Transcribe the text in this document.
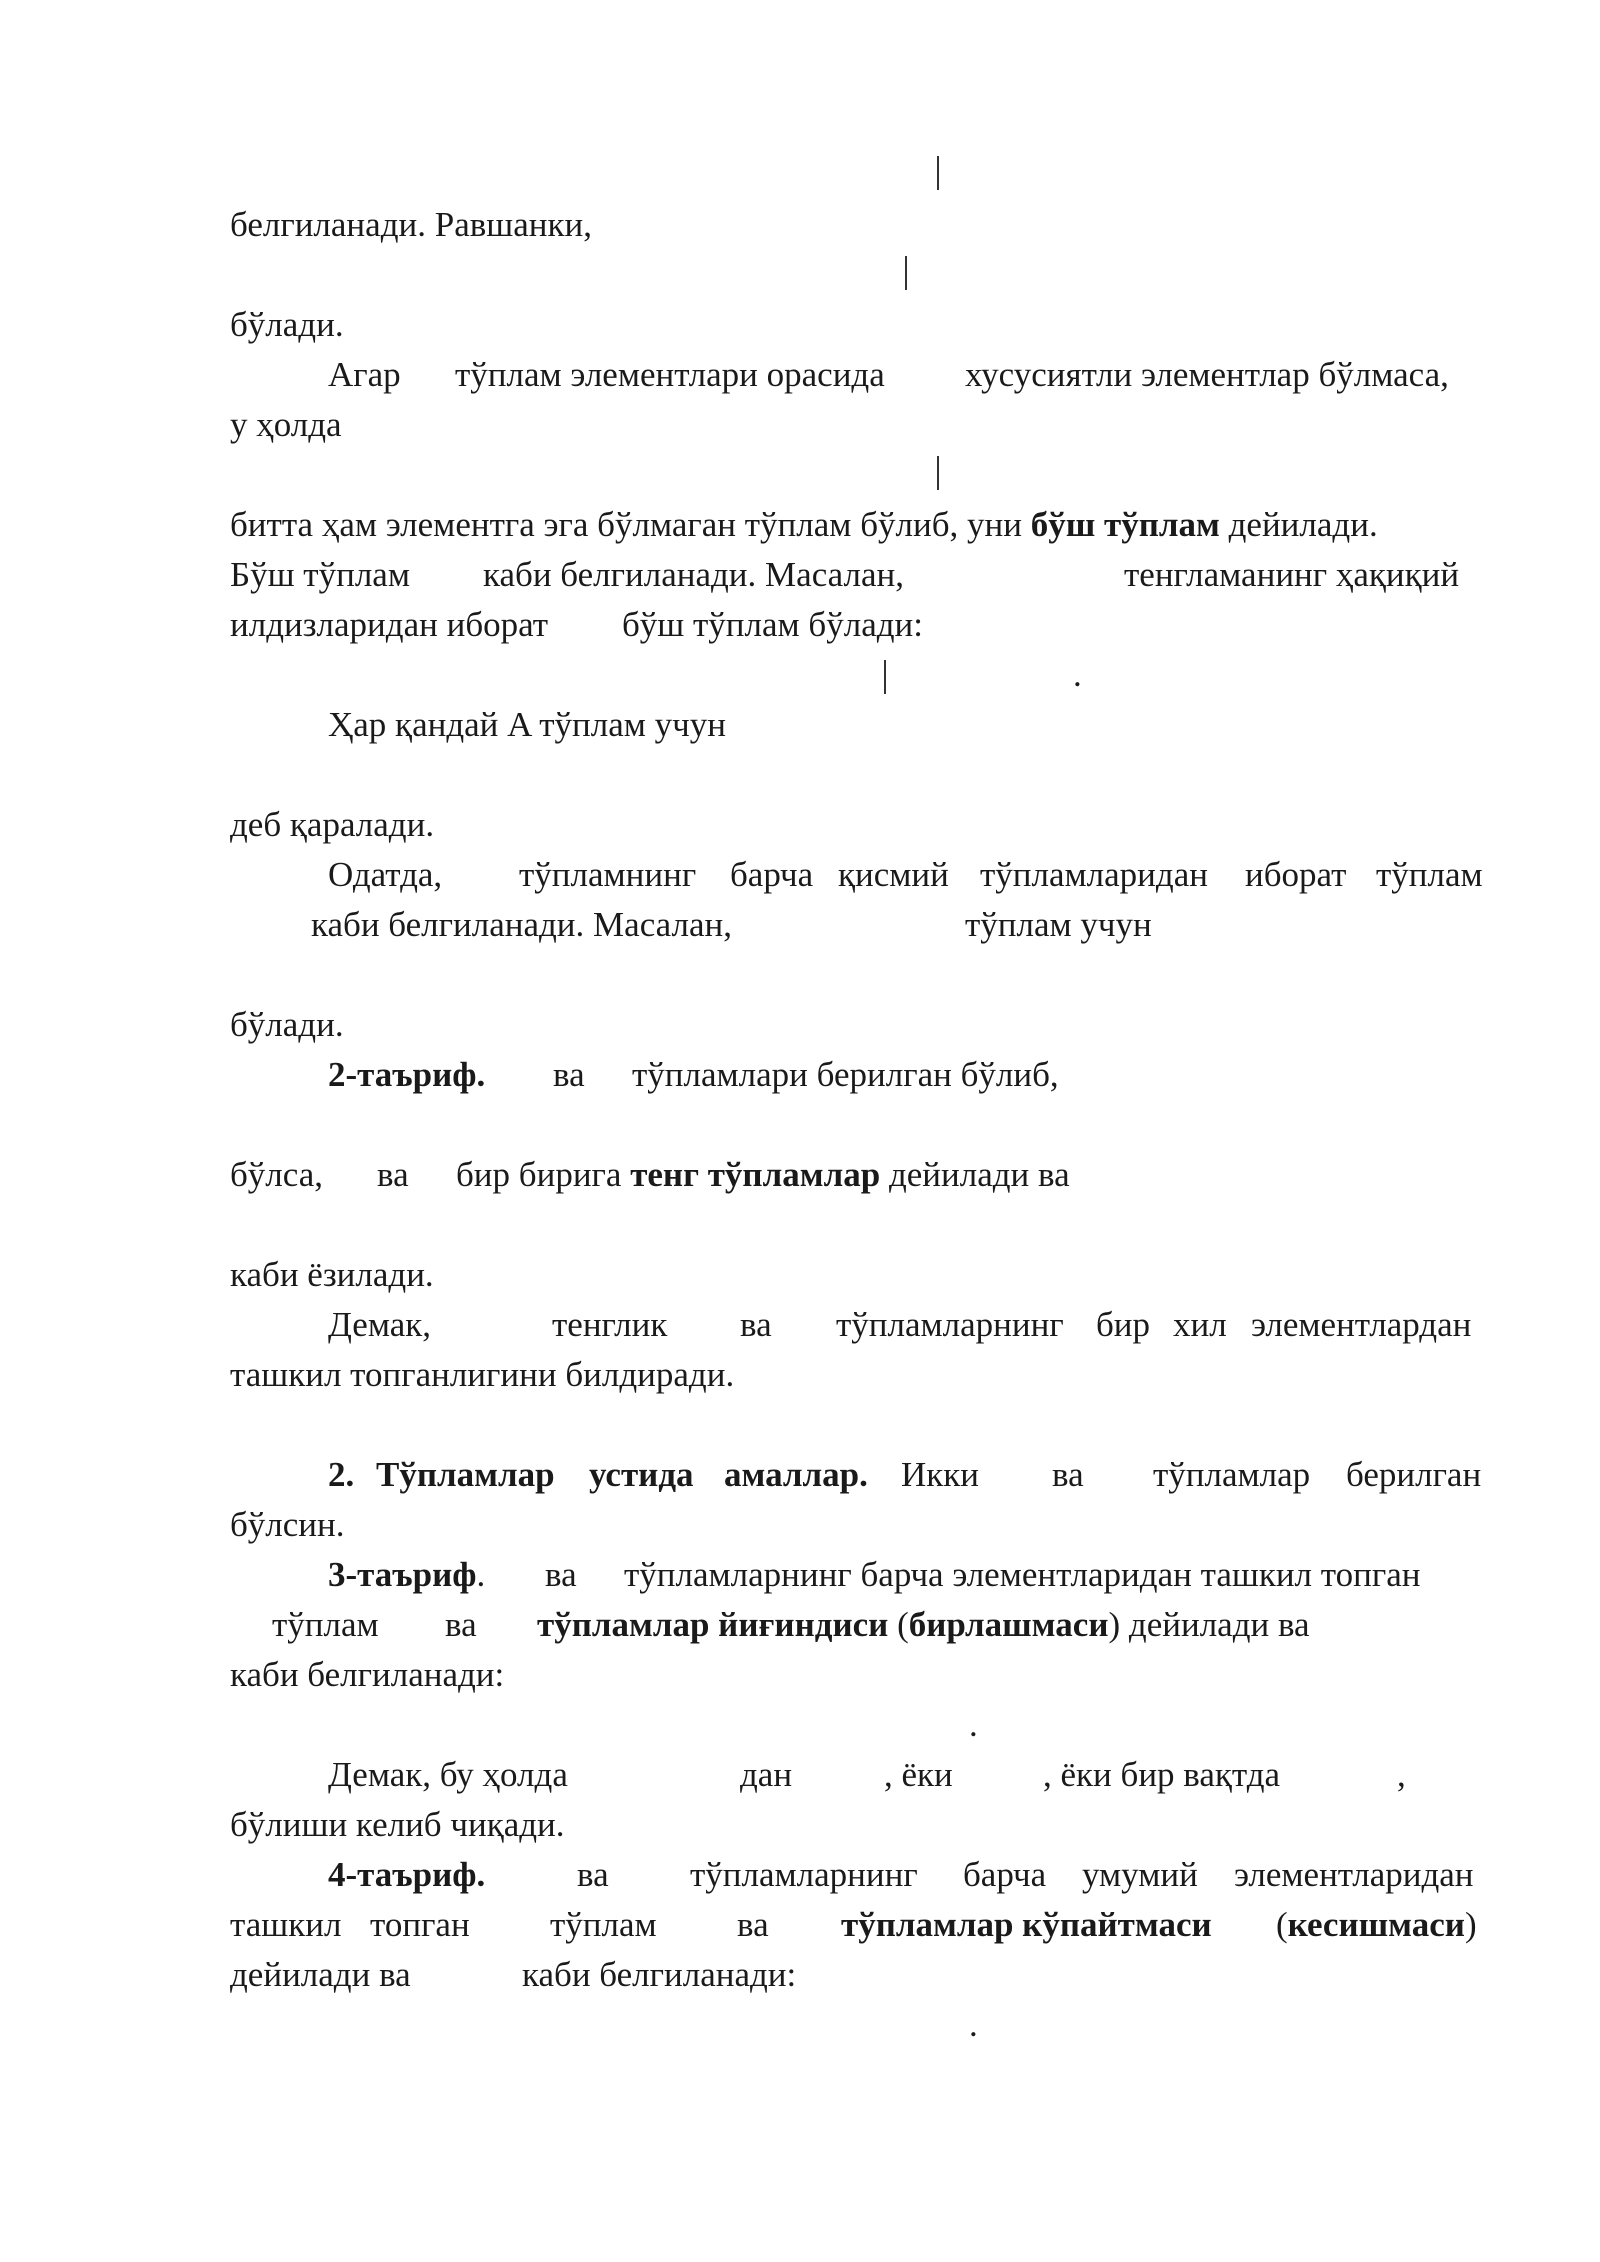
белгиланади. Равшанки,
бўлади.
Агар тўплам элементлари орасида хусусиятли элементлар бўлмаса,
у ҳолда
битта ҳам элементга эга бўлмаган тўплам бўлиб, уни бўш тўплам дейилади.
Бўш тўплам каби белгиланади. Масалан,	тенгламанинг ҳақиқий
илдизларидан иборат бўш тўплам бўлади:
.
Ҳар қандай A тўплам учун
деб қаралади.
Одатда, тўпламнинг барча қисмий тўпламларидан иборат тўплам
каби белгиланади. Масалан,	тўплам учун
бўлади.
2-таъриф. ва тўпламлари берилган бўлиб,
бўлса, ва бир бирига тенг тўпламлар дейилади ва
каби ёзилади.
Демак,	тенглик ва тўпламларнинг бир хил элементлардан
ташкил топганлигини билдиради.
2. Тўпламлар устида амаллар. Икки ва тўпламлар берилган
бўлсин.
3-таъриф. ва тўпламларнинг барча элементларидан ташкил топган
тўплам ва тўпламлар йиғиндиси (бирлашмаси) дейилади ва
каби белгиланади:
.
Демак, бу ҳолда	дан	, ёки	, ёки бир вақтда	,
бўлиши келиб чиқади.
4-таъриф.	ва тўпламларнинг барча умумий элементларидан
ташкил топган тўплам ва тўпламлар кўпайтмаси (кесишмаси)
дейилади ва	каби белгиланади:
.
